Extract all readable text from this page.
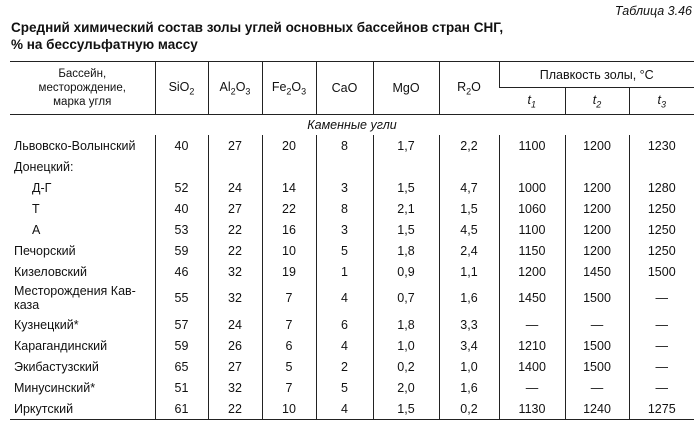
Таблица 3.46
Средний химический состав золы углей основных бассейнов стран СНГ,
% на бессульфатную массу
Бассейн,
месторождение,
марка угля	SiO$_2$	$Al_2O_3$	$Fe_2O_3$	CaO	MgO	$R_2O$	Плавкость золы, °С		
							$t_1$	$t_2$	$t_3$
Каменные угли									
Львовско-Волынский	40	27	20	8	1,7	2,2	1100	1200	1230
Донецкий:									
Д-Г	52	24	14	3	1,5	4,7	1000	1200	1280
Т	40	27	22	8	2,1	1,5	1060	1200	1250
А	53	22	16	3	1,5	4,5	1100	1200	1250
Печорский	59	22	10	5	1,8	2,4	1150	1200	1250
Кизеловский	46	32	19	1	0,9	1,1	1200	1450	1500

Месторождения Кав-
каза	55	32	7	4	0,7	1,6	1450	1500	—
Кузнецкий*	57	24	7	6	1,8	3,3	—	—	—
Карагандинский	59	26	6	4	1,0	3,4	1210	1500	—
Экибастузский	65	27	5	2	0,2	1,0	1400	1500	—
Минусинский*	51	32	7	5	2,0	1,6	—	—	—
Иркутский	61	22	10	4	1,5	0,2	1130	1240	1275
